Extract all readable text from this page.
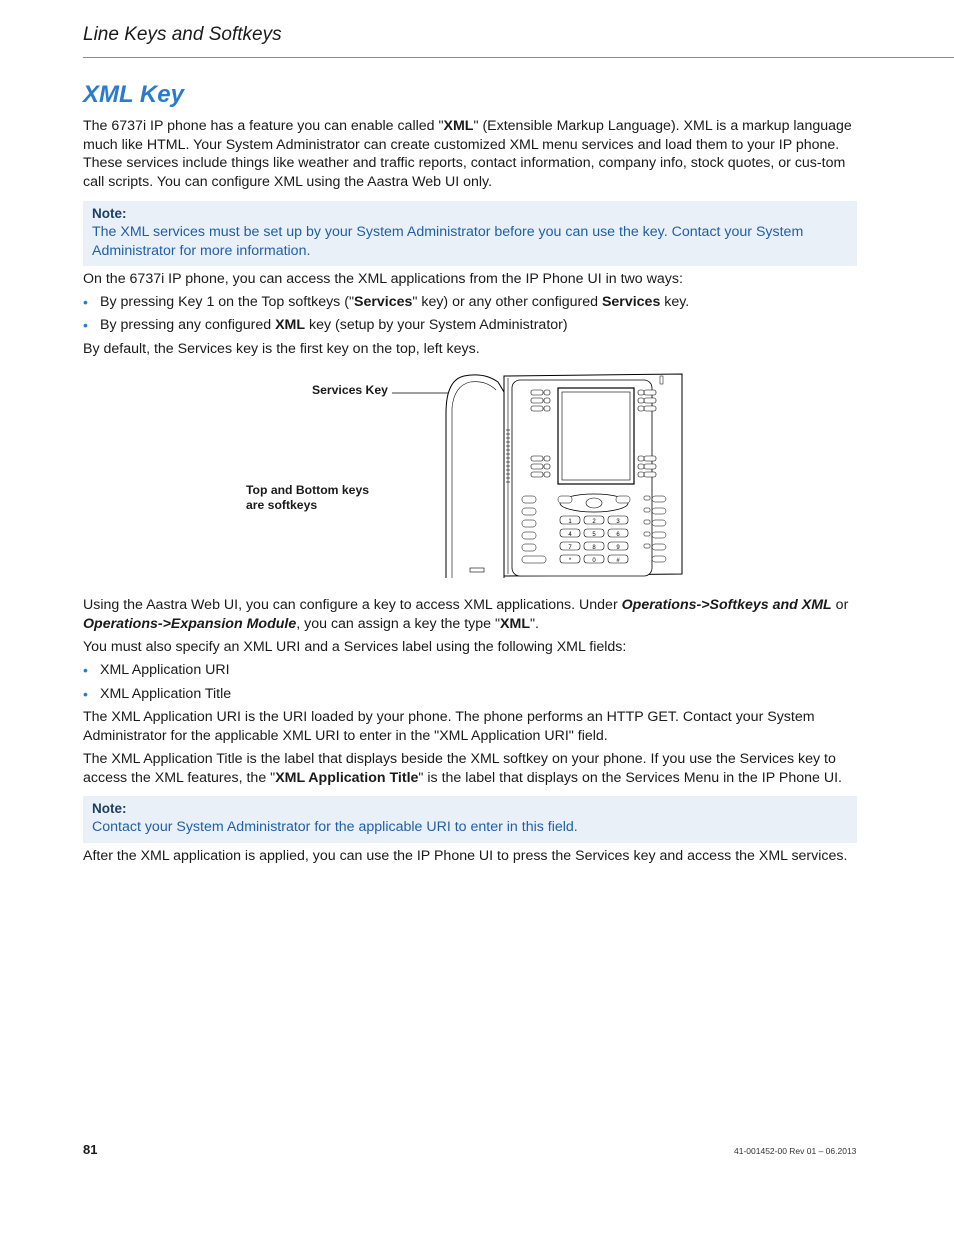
Line Keys and Softkeys
XML Key

The 6737i IP phone has a feature you can enable called "XML" (Extensible Markup Language). XML is a markup language much like HTML. Your System Administrator can create customized XML menu services and load them to your IP phone. These services include things like weather and traffic reports, contact information, company info, stock quotes, or cus-tom call scripts. You can configure XML using the Aastra Web UI only.

Note:
The XML services must be set up by your System Administrator before you can use the key. Contact your System Administrator for more information.

On the 6737i IP phone, you can access the XML applications from the IP Phone UI in two ways:

• By pressing Key 1 on the Top softkeys ("Services" key) or any other configured Services key.
• By pressing any configured XML key (setup by your System Administrator)

By default, the Services key is the first key on the top, left keys.

Services Key
Top and Bottom keys
are softkeys
1	2	3
4	5	6
7	8	9
*	0	#

Using the Aastra Web UI, you can configure a key to access XML applications. Under Operations->Softkeys and XML or Operations->Expansion Module, you can assign a key the type "XML".

You must also specify an XML URI and a Services label using the following XML fields:

• XML Application URI
• XML Application Title

The XML Application URI is the URI loaded by your phone. The phone performs an HTTP GET. Contact your System Administrator for the applicable XML URI to enter in the "XML Application URI" field.

The XML Application Title is the label that displays beside the XML softkey on your phone. If you use the Services key to access the XML features, the "XML Application Title" is the label that displays on the Services Menu in the IP Phone UI.

Note:
Contact your System Administrator for the applicable URI to enter in this field.

After the XML application is applied, you can use the IP Phone UI to press the Services key and access the XML services.

81	41-001452-00 Rev 01 – 06.2013
